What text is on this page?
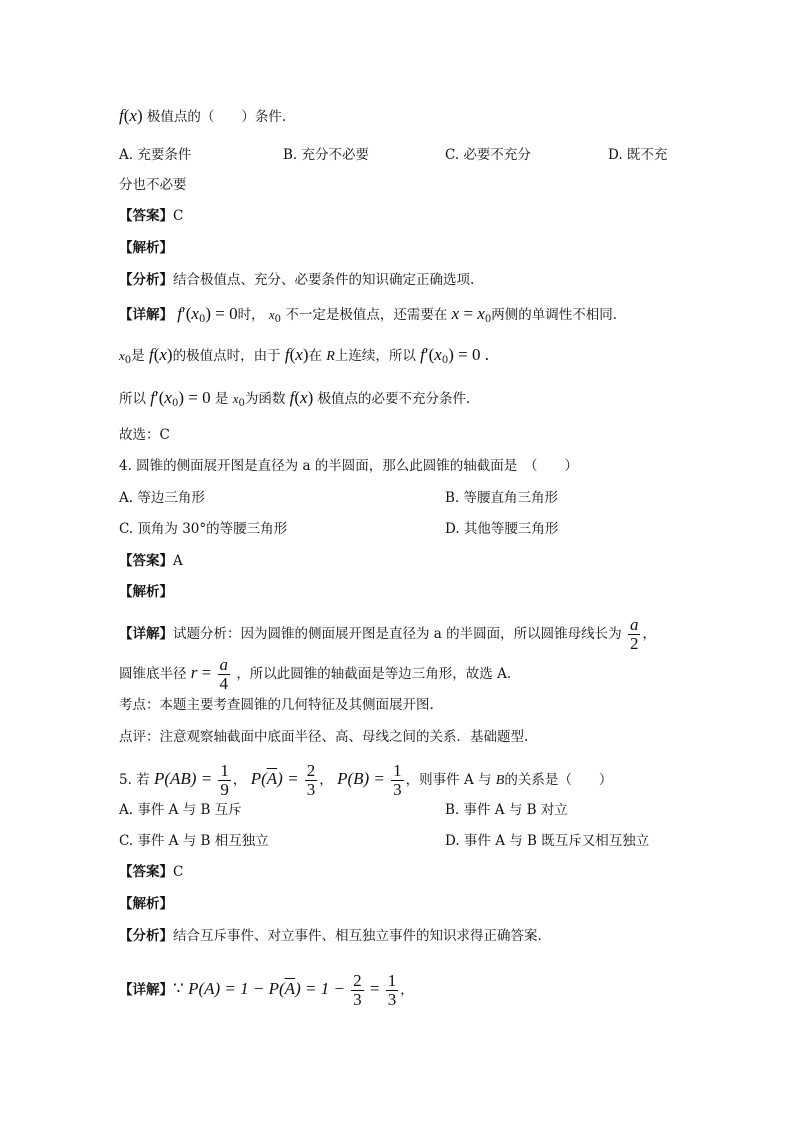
f(x) 极值点的（　　）条件.
A. 充要条件	B. 充分不必要	C. 必要不充分	D. 既不充
分也不必要
【答案】C
【解析】
【分析】结合极值点、充分、必要条件的知识确定正确选项.
【详解】 $f'(x_0) = 0$时， $x_0$ 不一定是极值点，还需要在 $x = x_0$两侧的单调性不相同.
$x_0$是 f(x)的极值点时，由于 f(x)在 R上连续，所以 $f'(x_0) = 0$ .
所以 $f'(x_0) = 0$ 是 $x_0$为函数 f(x) 极值点的必要不充分条件.
故选：C
4. 圆锥的侧面展开图是直径为 a 的半圆面，那么此圆锥的轴截面是　（　　）
A. 等边三角形	B. 等腰直角三角形
C. 顶角为 30°的等腰三角形	D. 其他等腰三角形
【答案】A
【解析】
【详解】试题分析：因为圆锥的侧面展开图是直径为 a 的半圆面，所以圆锥母线长为 $\frac{a}{2}$ ，
圆锥底半径 $r = \frac{a}{4}$ ，所以此圆锥的轴截面是等边三角形，故选 A.
考点：本题主要考查圆锥的几何特征及其侧面展开图.
点评：注意观察轴截面中底面半径、高、母线之间的关系．基础题型.
5. 若 $P(AB) = \frac{1}{9}$ ， $P(\overline{A}) = \frac{2}{3}$ ， $P(B) = \frac{1}{3}$ ，则事件 A 与 B的关系是（　　）
A. 事件 A 与 B 互斥	B. 事件 A 与 B 对立
C. 事件 A 与 B 相互独立	D. 事件 A 与 B 既互斥又相互独立
【答案】C
【解析】
【分析】结合互斥事件、对立事件、相互独立事件的知识求得正确答案.
【详解】∵ $P(A) = 1 - P(\overline{A}) = 1 - \frac{2}{3} = \frac{1}{3}$ ，
